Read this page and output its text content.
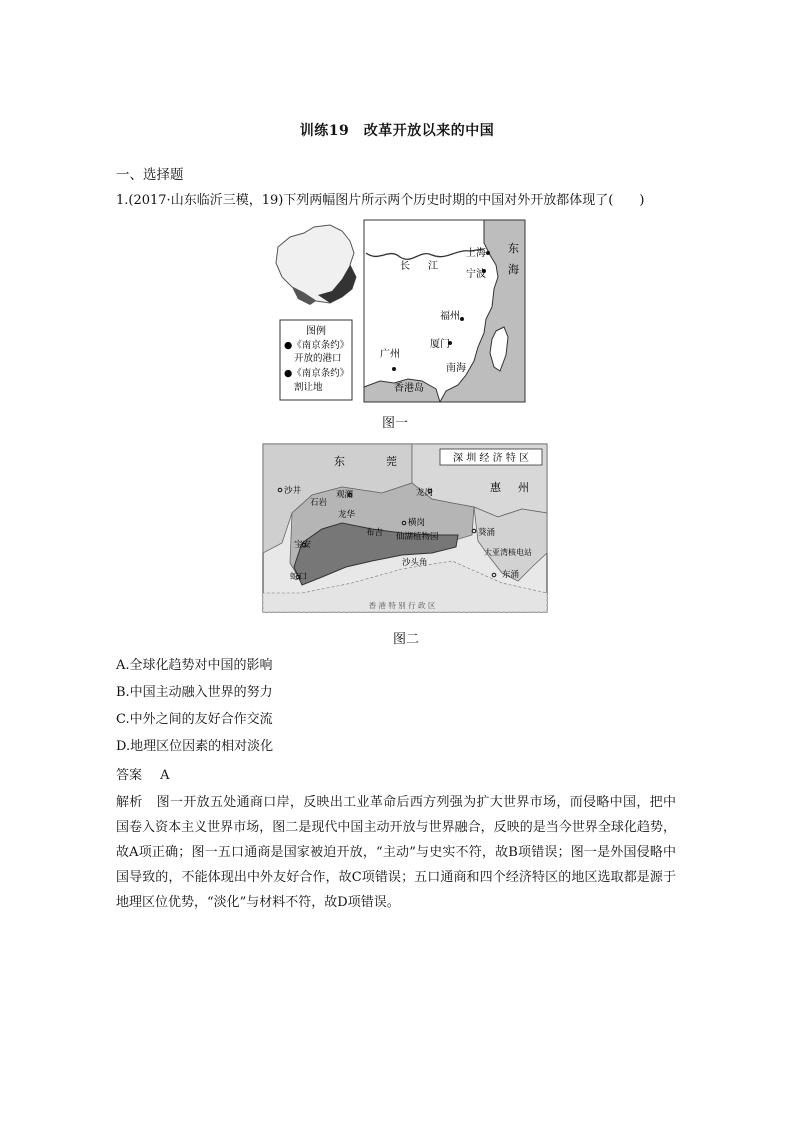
训练19　改革开放以来的中国
一、选择题
1.(2017·山东临沂三模，19)下列两幅图片所示两个历史时期的中国对外开放都体现了(　　)
图例
●《南京条约》
开放的港口
●《南京条约》
割让地
上海 东
海
长 江
宁波
福州
广州
厦门
香港岛
南海
图一
深 圳 经 济 特 区
东	莞
惠 州
沙井
石岩
观澜	龙岗
龙华
布吉
横岗
宝安
仙湖植物园	葵涌
大亚湾核电站
沙头角
东涌
蛇口
香 港 特 别 行 政 区
图二
A.全球化趋势对中国的影响
B.中国主动融入世界的努力
C.中外之间的友好合作交流
D.地理区位因素的相对淡化
答案 A
解析 图一开放五处通商口岸，反映出工业革命后西方列强为扩大世界市场，而侵略中国，把中国卷入资本主义世界市场，图二是现代中国主动开放与世界融合，反映的是当今世界全球化趋势，故A项正确；图一五口通商是国家被迫开放，“主动”与史实不符，故B项错误；图一是外国侵略中国导致的，不能体现出中外友好合作，故C项错误；五口通商和四个经济特区的地区选取都是源于地理区位优势，“淡化”与材料不符，故D项错误。
